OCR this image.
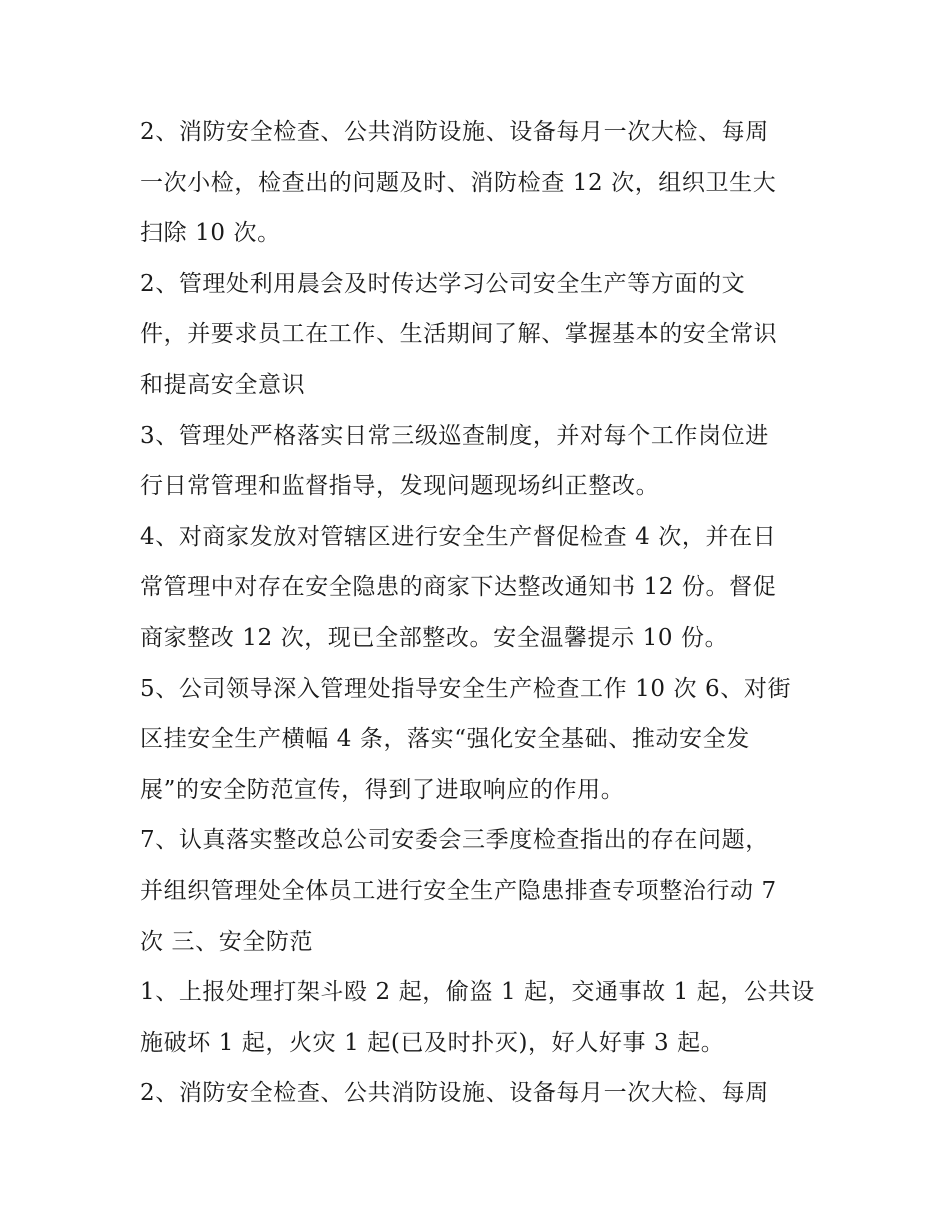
2、消防安全检查、公共消防设施、设备每月一次大检、每周
一次小检，检查出的问题及时、消防检查 12 次，组织卫生大
扫除 10 次。
2、管理处利用晨会及时传达学习公司安全生产等方面的文
件，并要求员工在工作、生活期间了解、掌握基本的安全常识
和提高安全意识
3、管理处严格落实日常三级巡查制度，并对每个工作岗位进
行日常管理和监督指导，发现问题现场纠正整改。
4、对商家发放对管辖区进行安全生产督促检查 4 次，并在日
常管理中对存在安全隐患的商家下达整改通知书 12 份。督促
商家整改 12 次，现已全部整改。安全温馨提示 10 份。
5、公司领导深入管理处指导安全生产检查工作 10 次 6、对街
区挂安全生产横幅 4 条，落实“强化安全基础、推动安全发
展”的安全防范宣传，得到了进取响应的作用。
7、认真落实整改总公司安委会三季度检查指出的存在问题，
并组织管理处全体员工进行安全生产隐患排查专项整治行动 7
次 三、安全防范
1、上报处理打架斗殴 2 起，偷盗 1 起，交通事故 1 起，公共设
施破坏 1 起，火灾 1 起(已及时扑灭)，好人好事 3 起。
2、消防安全检查、公共消防设施、设备每月一次大检、每周
